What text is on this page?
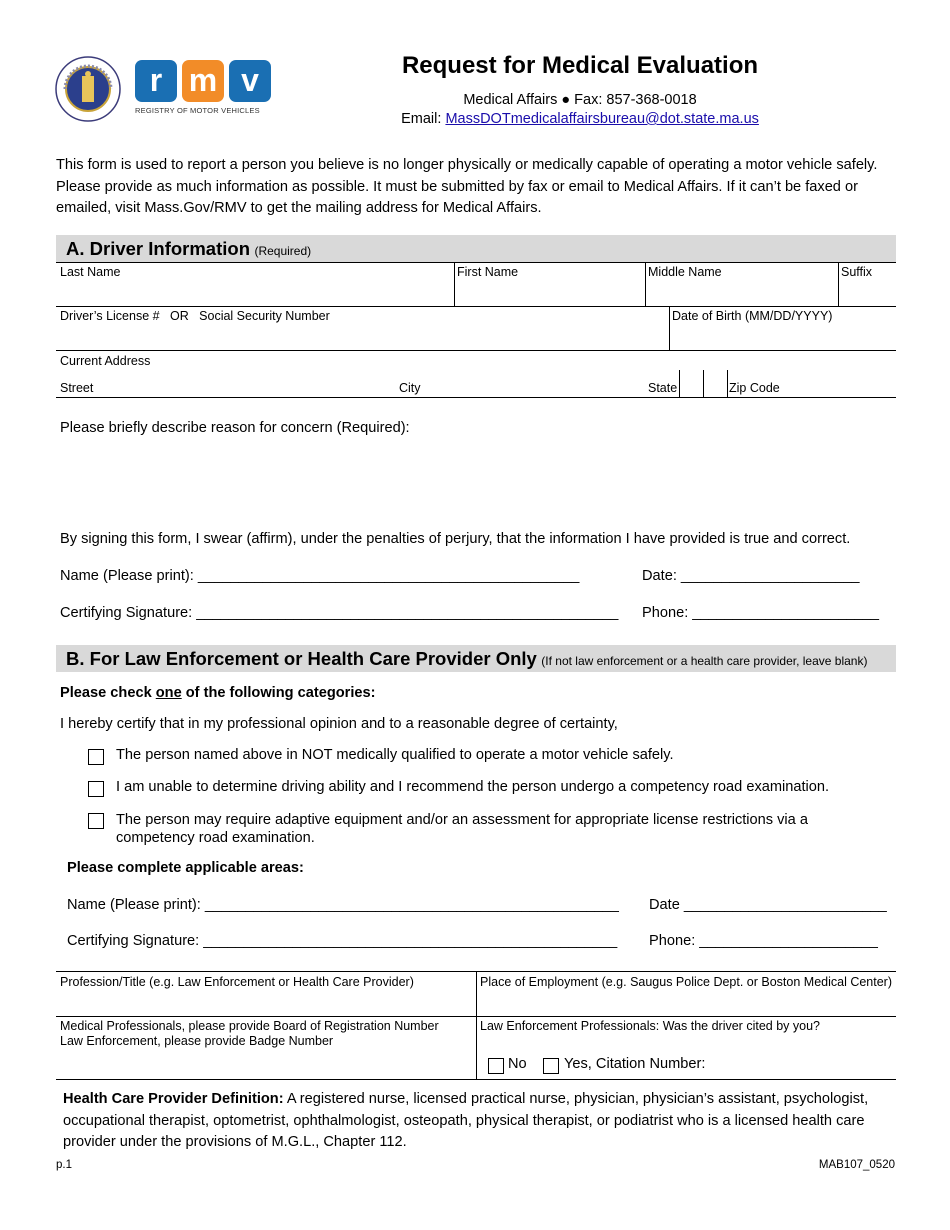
r m v
REGISTRY OF MOTOR VEHICLES
Request for Medical Evaluation
Medical Affairs ● Fax: 857-368-0018
Email: MassDOTmedicalaffairsbureau@dot.state.ma.us
This form is used to report a person you believe is no longer physically or medically capable of operating a motor vehicle safely. Please provide as much information as possible. It must be submitted by fax or email to Medical Affairs. If it can’t be faxed or emailed, visit Mass.Gov/RMV to get the mailing address for Medical Affairs.
A. Driver Information (Required)
Last Name	First Name	Middle Name	Suffix
Driver’s License #   OR   Social Security Number	Date of Birth (MM/DD/YYYY)
Current Address
Street	City	State	Zip Code
Please briefly describe reason for concern (Required):
By signing this form, I swear (affirm), under the penalties of perjury, that the information I have provided is true and correct.
Name (Please print): _______________________________________________	Date: ______________________
Certifying Signature: ____________________________________________________ Phone: _______________________
B. For Law Enforcement or Health Care Provider Only (If not law enforcement or a health care provider, leave blank)
Please check one of the following categories:
I hereby certify that in my professional opinion and to a reasonable degree of certainty,
The person named above in NOT medically qualified to operate a motor vehicle safely.
I am unable to determine driving ability and I recommend the person undergo a competency road examination.
The person may require adaptive equipment and/or an assessment for appropriate license restrictions via a competency road examination.
Please complete applicable areas:
Name (Please print): ___________________________________________________ Date _________________________
Certifying Signature: ___________________________________________________ Phone: ______________________
Profession/Title (e.g. Law Enforcement or Health Care Provider)	Place of Employment (e.g. Saugus Police Dept. or Boston Medical Center)
Medical Professionals, please provide Board of Registration Number
Law Enforcement, please provide Badge Number
Law Enforcement Professionals: Was the driver cited by you?
No	Yes, Citation Number:
Health Care Provider Definition: A registered nurse, licensed practical nurse, physician, physician’s assistant, psychologist, occupational therapist, optometrist, ophthalmologist, osteopath, physical therapist, or podiatrist who is a licensed health care provider under the provisions of M.G.L., Chapter 112.
p.1	MAB107_0520
